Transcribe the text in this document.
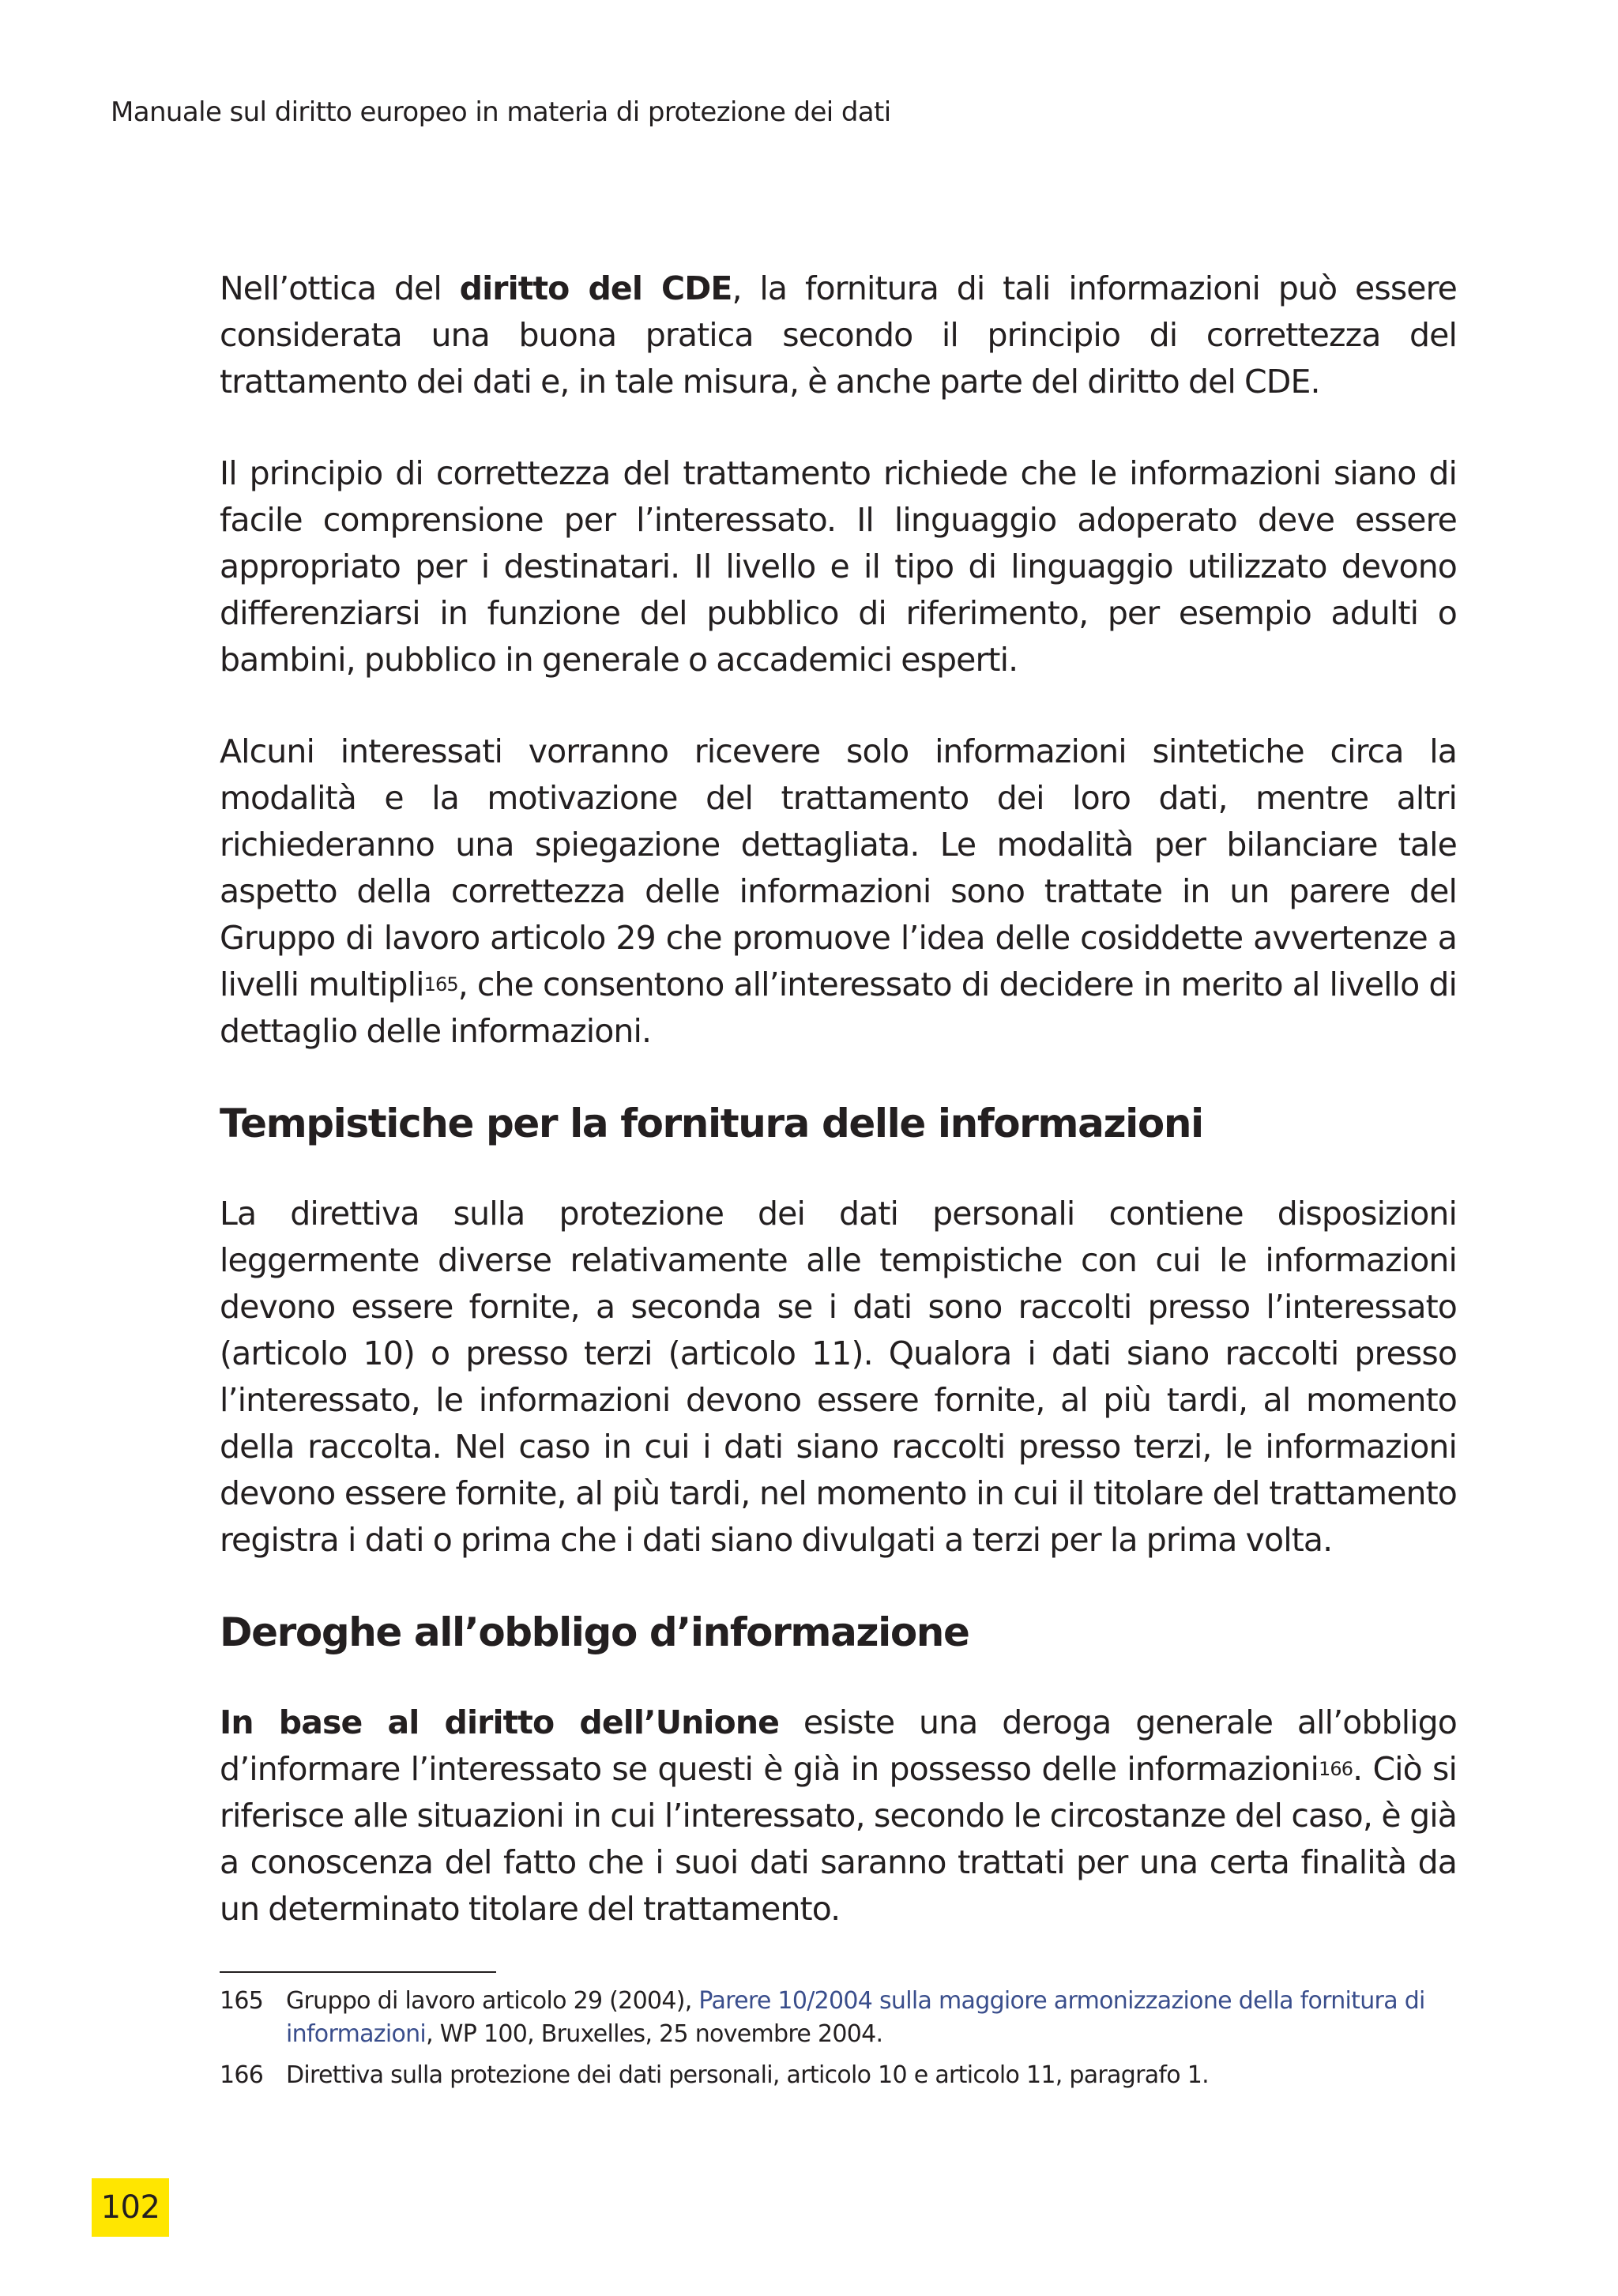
Manuale sul diritto europeo in materia di protezione dei dati

Nell’ottica del diritto del CDE, la fornitura di tali informazioni può essere considerata una buona pratica secondo il principio di correttezza del trattamento dei dati e, in tale misura, è anche parte del diritto del CDE.

Il principio di correttezza del trattamento richiede che le informazioni siano di facile comprensione per l’interessato. Il linguaggio adoperato deve essere appropriato per i destinatari. Il livello e il tipo di linguaggio utilizzato devono differenziarsi in funzione del pubblico di riferimento, per esempio adulti o bambini, pubblico in generale o accademici esperti.

Alcuni interessati vorranno ricevere solo informazioni sintetiche circa la modalità e la motivazione del trattamento dei loro dati, mentre altri richiederanno una spiegazione dettagliata. Le modalità per bilanciare tale aspetto della correttezza delle informazioni sono trattate in un parere del Gruppo di lavoro articolo 29 che promuove l’idea delle cosiddette avvertenze a livelli multipli$^{165}$, che consentono all’interessato di decidere in merito al livello di dettaglio delle informazioni.

Tempistiche per la fornitura delle informazioni

La direttiva sulla protezione dei dati personali contiene disposizioni leggermente diverse relativamente alle tempistiche con cui le informazioni devono essere fornite, a seconda se i dati sono raccolti presso l’interessato (articolo 10) o presso terzi (articolo 11). Qualora i dati siano raccolti presso l’interessato, le informazioni devono essere fornite, al più tardi, al momento della raccolta. Nel caso in cui i dati siano raccolti presso terzi, le informazioni devono essere fornite, al più tardi, nel momento in cui il titolare del trattamento registra i dati o prima che i dati siano divulgati a terzi per la prima volta.

Deroghe all’obbligo d’informazione

In base al diritto dell’Unione esiste una deroga generale all’obbligo d’informare l’interessato se questi è già in possesso delle informazioni$^{166}$. Ciò si riferisce alle situazioni in cui l’interessato, secondo le circostanze del caso, è già a conoscenza del fatto che i suoi dati saranno trattati per una certa finalità da un determinato titolare del trattamento.

165 Gruppo di lavoro articolo 29 (2004), Parere 10/2004 sulla maggiore armonizzazione della fornitura di informazioni, WP 100, Bruxelles, 25 novembre 2004.
166 Direttiva sulla protezione dei dati personali, articolo 10 e articolo 11, paragrafo 1.
102
